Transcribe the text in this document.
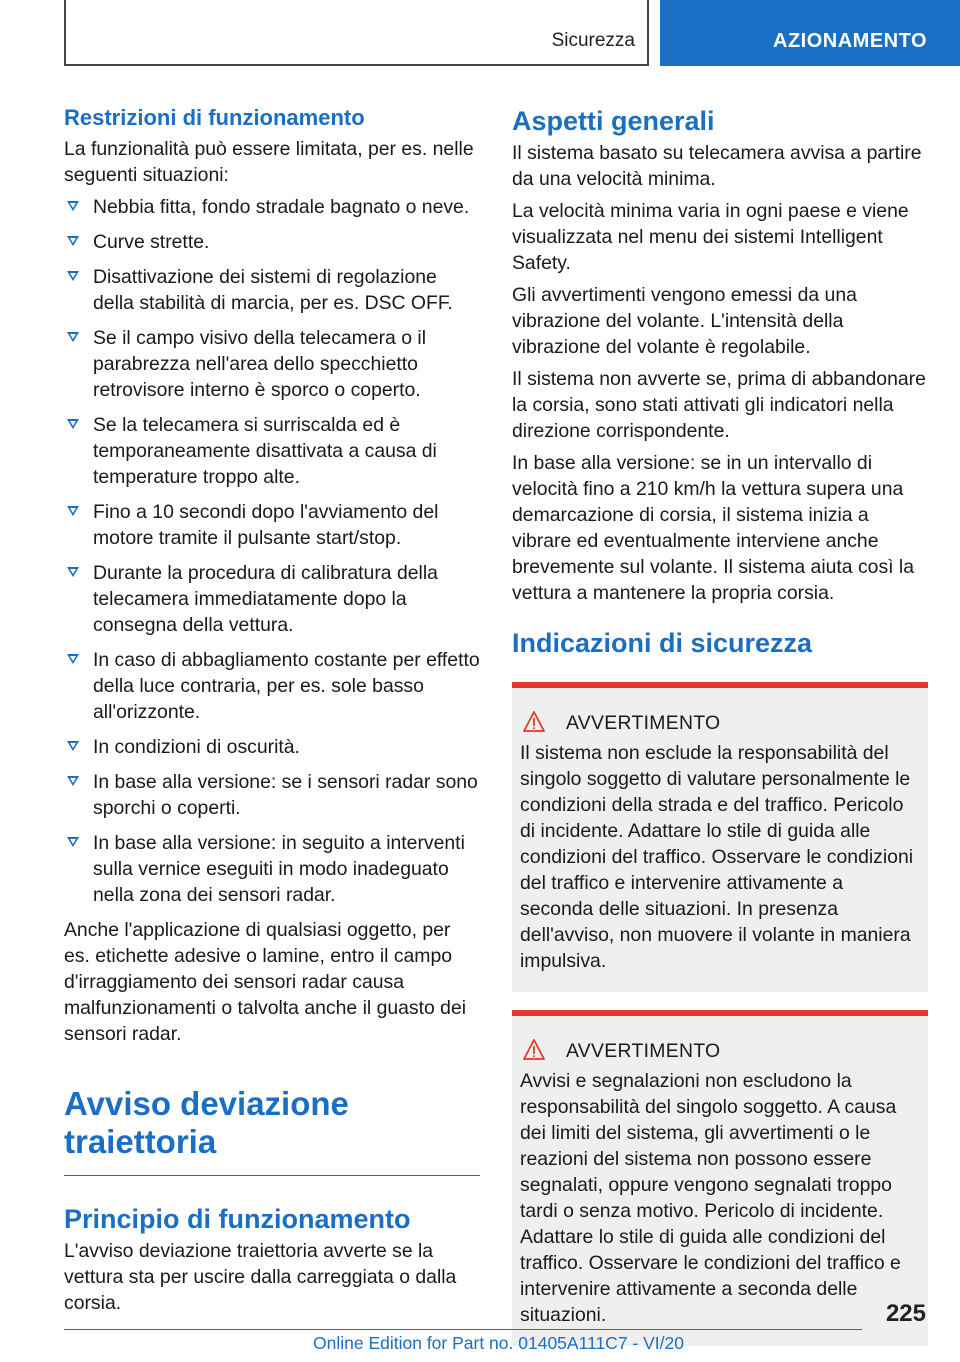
Sicurezza	AZIONAMENTO
Restrizioni di funzionamento

La funzionalità può essere limitata, per es. nelle seguenti situazioni:

Nebbia fitta, fondo stradale bagnato o neve.
Curve strette.
Disattivazione dei sistemi di regolazione della stabilità di marcia, per es. DSC OFF.
Se il campo visivo della telecamera o il parabrezza nell'area dello specchietto retrovisore interno è sporco o coperto.
Se la telecamera si surriscalda ed è temporaneamente disattivata a causa di temperature troppo alte.
Fino a 10 secondi dopo l'avviamento del motore tramite il pulsante start/stop.
Durante la procedura di calibratura della telecamera immediatamente dopo la consegna della vettura.
In caso di abbagliamento costante per effetto della luce contraria, per es. sole basso all'orizzonte.
In condizioni di oscurità.
In base alla versione: se i sensori radar sono sporchi o coperti.
In base alla versione: in seguito a interventi sulla vernice eseguiti in modo inadeguato nella zona dei sensori radar.

Anche l'applicazione di qualsiasi oggetto, per es. etichette adesive o lamine, entro il campo d'irraggiamento dei sensori radar causa malfunzionamenti o talvolta anche il guasto dei sensori radar.

Avviso deviazione traiettoria
Principio di funzionamento

L'avviso deviazione traiettoria avverte se la vettura sta per uscire dalla carreggiata o dalla corsia.

Aspetti generali

Il sistema basato su telecamera avvisa a partire da una velocità minima.

La velocità minima varia in ogni paese e viene visualizzata nel menu dei sistemi Intelligent Safety.

Gli avvertimenti vengono emessi da una vibrazione del volante. L'intensità della vibrazione del volante è regolabile.

Il sistema non avverte se, prima di abbandonare la corsia, sono stati attivati gli indicatori nella direzione corrispondente.

In base alla versione: se in un intervallo di velocità fino a 210 km/h la vettura supera una demarcazione di corsia, il sistema inizia a vibrare ed eventualmente interviene anche brevemente sul volante. Il sistema aiuta così la vettura a mantenere la propria corsia.

Indicazioni di sicurezza
AVVERTIMENTO

Il sistema non esclude la responsabilità del singolo soggetto di valutare personalmente le condizioni della strada e del traffico. Pericolo di incidente. Adattare lo stile di guida alle condizioni del traffico. Osservare le condizioni del traffico e intervenire attivamente a seconda delle situazioni. In presenza dell'avviso, non muovere il volante in maniera impulsiva.

AVVERTIMENTO

Avvisi e segnalazioni non escludono la responsabilità del singolo soggetto. A causa dei limiti del sistema, gli avvertimenti o le reazioni del sistema non possono essere segnalati, oppure vengono segnalati troppo tardi o senza motivo. Pericolo di incidente. Adattare lo stile di guida alle condizioni del traffico. Osservare le condizioni del traffico e intervenire attivamente a seconda delle situazioni.	225
Online Edition for Part no. 01405A111C7 - VI/20
